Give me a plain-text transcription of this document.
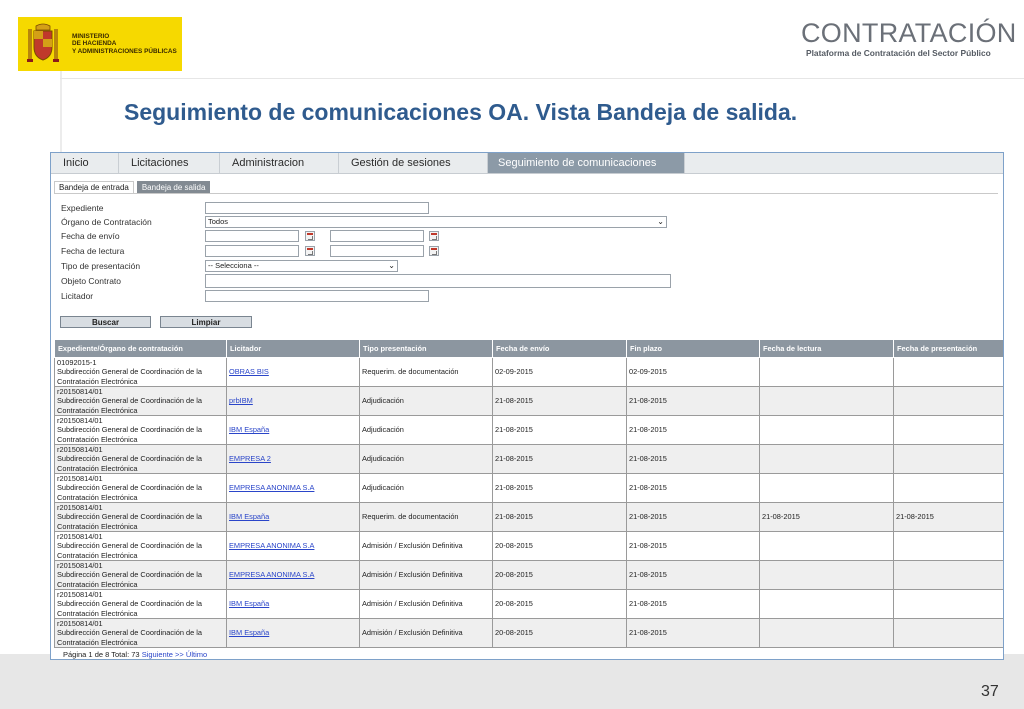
MINISTERIO
DE HACIENDA
Y ADMINISTRACIONES PÚBLICAS
CONTRATACIÓN
Plataforma de Contratación del Sector Público
Seguimiento de comunicaciones OA. Vista Bandeja de salida.
Inicio	Licitaciones	Administracion	Gestión de sesiones	Seguimiento de comunicaciones
Bandeja de entrada	Bandeja de salida
Expediente
Órgano de Contratación	Todos	⌄
Fecha de envío
Fecha de lectura
Tipo de presentación	-- Selecciona --	⌄
Objeto Contrato
Licitador
Buscar	Limpiar
Expediente/Órgano de contratación	Licitador	Tipo presentación	Fecha de envío	Fin plazo	Fecha de lectura	Fecha de presentación

01092015-1
Subdirección General de Coordinación de la Contratación Electrónica	OBRAS BIS	Requerim. de documentación	02-09-2015	02-09-2015		

r20150814/01
Subdirección General de Coordinación de la Contratación Electrónica	prbIBM	Adjudicación	21-08-2015	21-08-2015		

r20150814/01
Subdirección General de Coordinación de la Contratación Electrónica	IBM España	Adjudicación	21-08-2015	21-08-2015		

r20150814/01
Subdirección General de Coordinación de la Contratación Electrónica	EMPRESA 2	Adjudicación	21-08-2015	21-08-2015		

r20150814/01
Subdirección General de Coordinación de la Contratación Electrónica	EMPRESA ANONIMA S.A	Adjudicación	21-08-2015	21-08-2015		

r20150814/01
Subdirección General de Coordinación de la Contratación Electrónica	IBM España	Requerim. de documentación	21-08-2015	21-08-2015	21-08-2015	21-08-2015

r20150814/01
Subdirección General de Coordinación de la Contratación Electrónica	EMPRESA ANONIMA S.A	Admisión / Exclusión Definitiva	20-08-2015	21-08-2015		

r20150814/01
Subdirección General de Coordinación de la Contratación Electrónica	EMPRESA ANONIMA S.A	Admisión / Exclusión Definitiva	20-08-2015	21-08-2015		

r20150814/01
Subdirección General de Coordinación de la Contratación Electrónica	IBM España	Admisión / Exclusión Definitiva	20-08-2015	21-08-2015		

r20150814/01
Subdirección General de Coordinación de la Contratación Electrónica	IBM España	Admisión / Exclusión Definitiva	20-08-2015	21-08-2015		
Página 1 de 8 Total: 73 Siguiente >> Último
37
